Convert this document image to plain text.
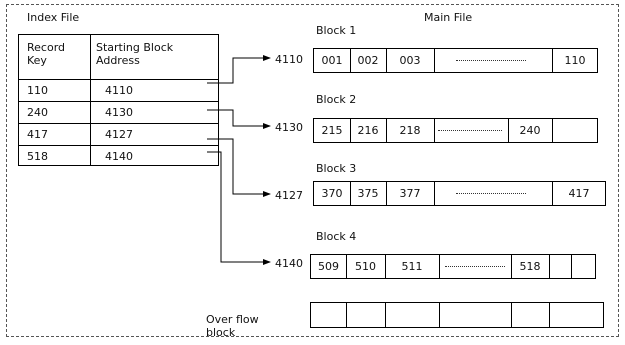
Index File	Main File
Record
Key
Starting Block
Address
110	4110
240	4130
417	4127
518	4140
Block 1
4110	001	002	003	110
Block 2
4130	215	216	218	240
Block 3
4127	370	375	377	417
Block 4
4140	509	510	511	518
Over flow
block
